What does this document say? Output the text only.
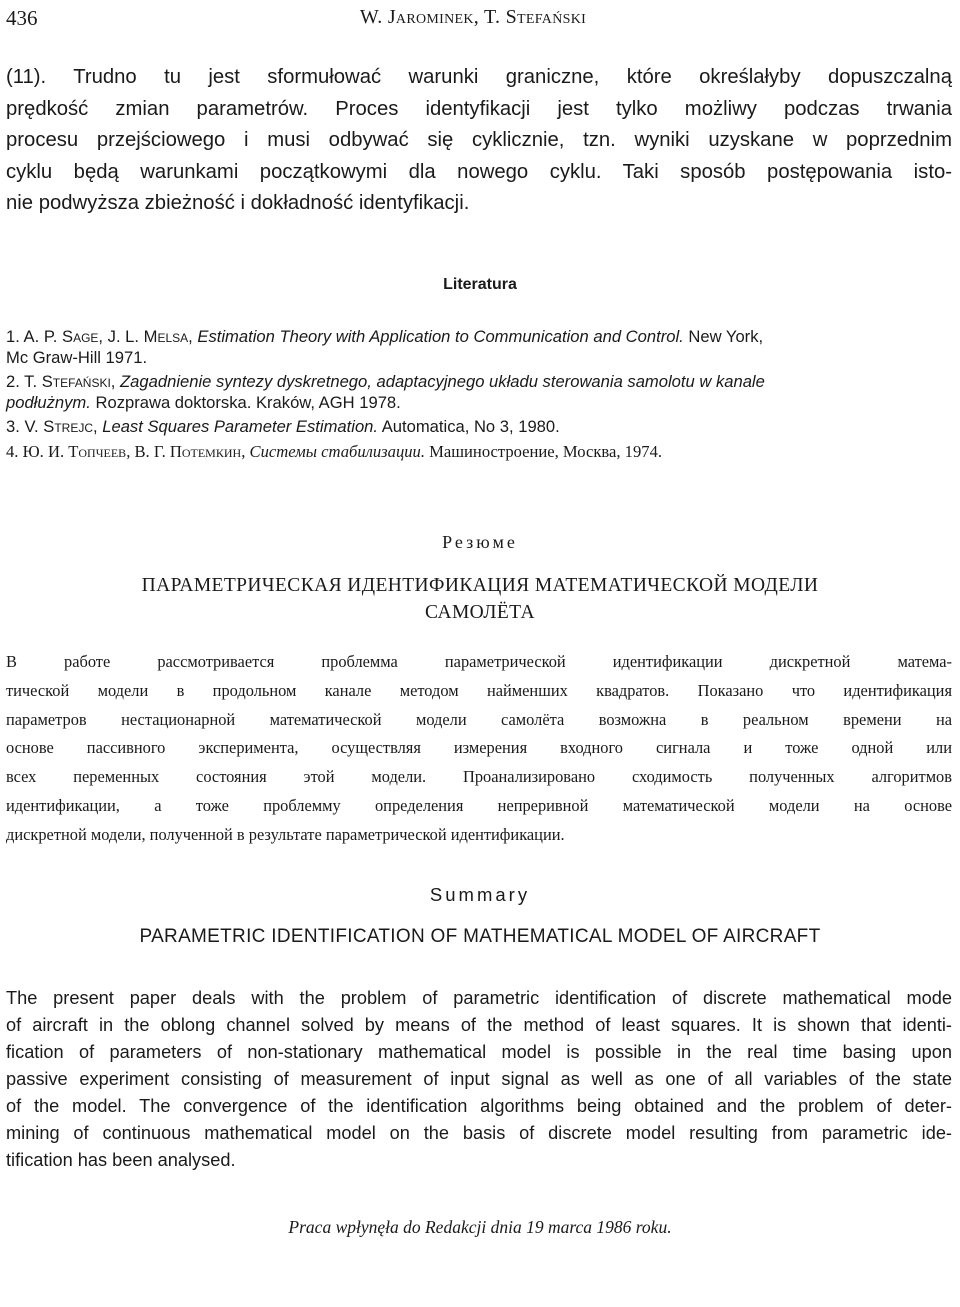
436	W. Jarominek, T. Stefański
(11). Trudno tu jest sformułować warunki graniczne, które określałyby dopuszczalną
prędkość zmian parametrów. Proces identyfikacji jest tylko możliwy podczas trwania
procesu przejściowego i musi odbywać się cyklicznie, tzn. wyniki uzyskane w poprzednim
cyklu będą warunkami początkowymi dla nowego cyklu. Taki sposób postępowania isto-
nie podwyższa zbieżność i dokładność identyfikacji.
Literatura
1. A. P. Sage, J. L. Melsa, Estimation Theory with Application to Communication and Control. New York,
Mc Graw-Hill 1971.
2. T. Stefański, Zagadnienie syntezy dyskretnego, adaptacyjnego układu sterowania samolotu w kanale
podłużnym. Rozprawa doktorska. Kraków, AGH 1978.
3. V. Strejc, Least Squares Parameter Estimation. Automatica, No 3, 1980.
4. Ю. И. Топчеев, В. Г. Потемкин, Системы стабилизации. Машиностроение, Москва, 1974.
Резюме
ПАРАМЕТРИЧЕСКАЯ ИДЕНТИФИКАЦИЯ МАТЕМАТИЧЕСКОЙ МОДЕЛИ
САМОЛЁТА
В работе рассмотривается проблемма параметрической идентификации дискретной матема-
тической модели в продольном канале методом найменших квадратов. Показано что идентификация
параметров нестационарной математической модели самолёта возможна в реальном времени на
основе пассивного эксперимента, осуществляя измерения входного сигнала и тоже одной или
всех переменных состояния этой модели. Проанализировано сходимость полученных алгоритмов
идентификации, а тоже проблемму определения непреривной математической модели на основе
дискретной модели, полученной в результате параметрической идентификации.
Summary
PARAMETRIC IDENTIFICATION OF MATHEMATICAL MODEL OF AIRCRAFT
The present paper deals with the problem of parametric identification of discrete mathematical mode
of aircraft in the oblong channel solved by means of the method of least squares. It is shown that identi-
fication of parameters of non-stationary mathematical model is possible in the real time basing upon
passive experiment consisting of measurement of input signal as well as one of all variables of the state
of the model. The convergence of the identification algorithms being obtained and the problem of deter-
mining of continuous mathematical model on the basis of discrete model resulting from parametric ide-
tification has been analysed.
Praca wpłynęła do Redakcji dnia 19 marca 1986 roku.
